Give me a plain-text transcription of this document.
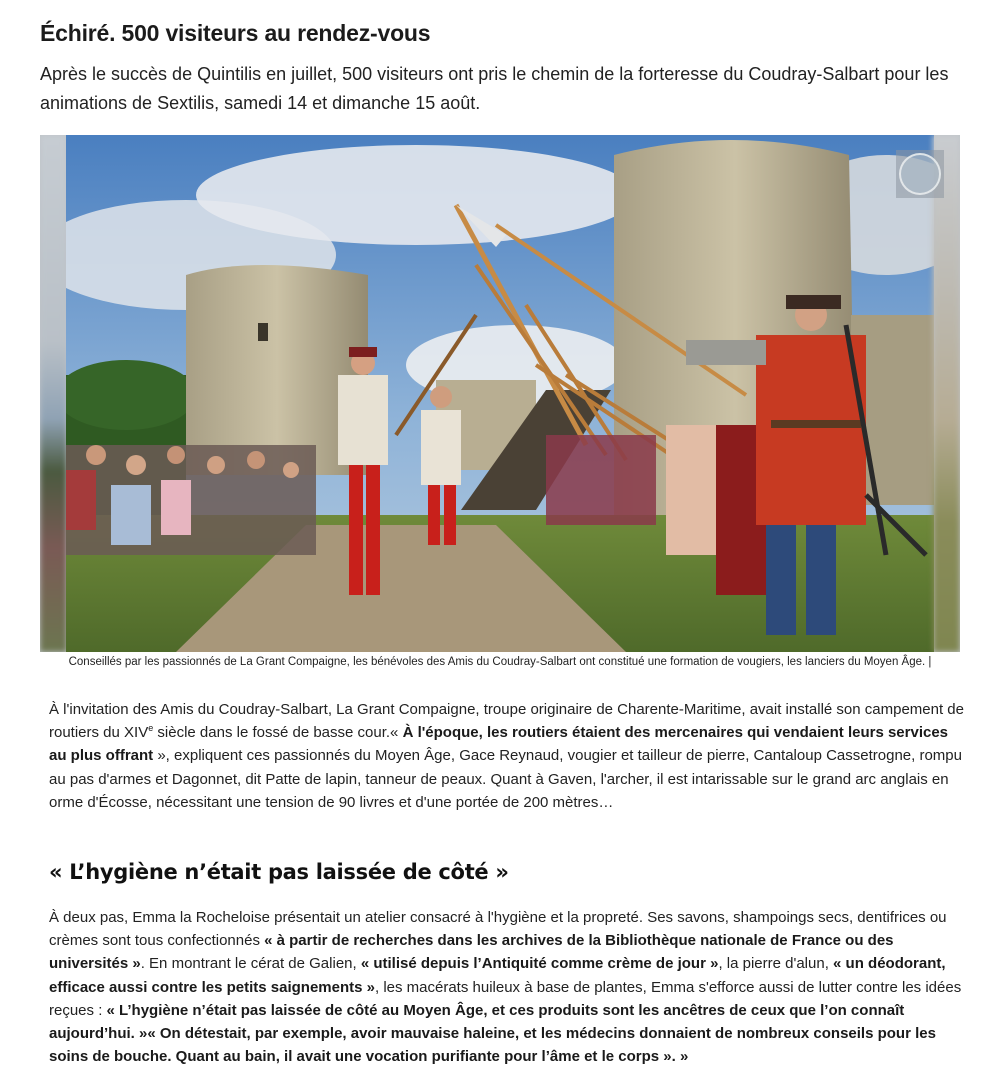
Échiré. 500 visiteurs au rendez-vous

Après le succès de Quintilis en juillet, 500 visiteurs ont pris le chemin de la forteresse du Coudray-Salbart pour les animations de Sextilis, samedi 14 et dimanche 15 août.

Conseillés par les passionnés de La Grant Compaigne, les bénévoles des Amis du Coudray-Salbart ont constitué une formation de vougiers, les lanciers du Moyen Âge. |

À l'invitation des Amis du Coudray-Salbart, La Grant Compaigne, troupe originaire de Charente-Maritime, avait installé son campement de routiers du XIVe siècle dans le fossé de basse cour.« À l'époque, les routiers étaient des mercenaires qui vendaient leurs services au plus offrant », expliquent ces passionnés du Moyen Âge, Gace Reynaud, vougier et tailleur de pierre, Cantaloup Cassetrogne, rompu au pas d'armes et Dagonnet, dit Patte de lapin, tanneur de peaux. Quant à Gaven, l'archer, il est intarissable sur le grand arc anglais en orme d'Écosse, nécessitant une tension de 90 livres et d'une portée de 200 mètres…

« L’hygiène n’était pas laissée de côté »

À deux pas, Emma la Rocheloise présentait un atelier consacré à l'hygiène et la propreté. Ses savons, shampoings secs, dentifrices ou crèmes sont tous confectionnés « à partir de recherches dans les archives de la Bibliothèque nationale de France ou des universités ». En montrant le cérat de Galien, « utilisé depuis l’Antiquité comme crème de jour », la pierre d'alun, « un déodorant, efficace aussi contre les petits saignements », les macérats huileux à base de plantes, Emma s'efforce aussi de lutter contre les idées reçues : « L’hygiène n’était pas laissée de côté au Moyen Âge, et ces produits sont les ancêtres de ceux que l’on connaît aujourd’hui. »« On détestait, par exemple, avoir mauvaise haleine, et les médecins donnaient de nombreux conseils pour les soins de bouche. Quant au bain, il avait une vocation purifiante pour l’âme et le corps ». »
